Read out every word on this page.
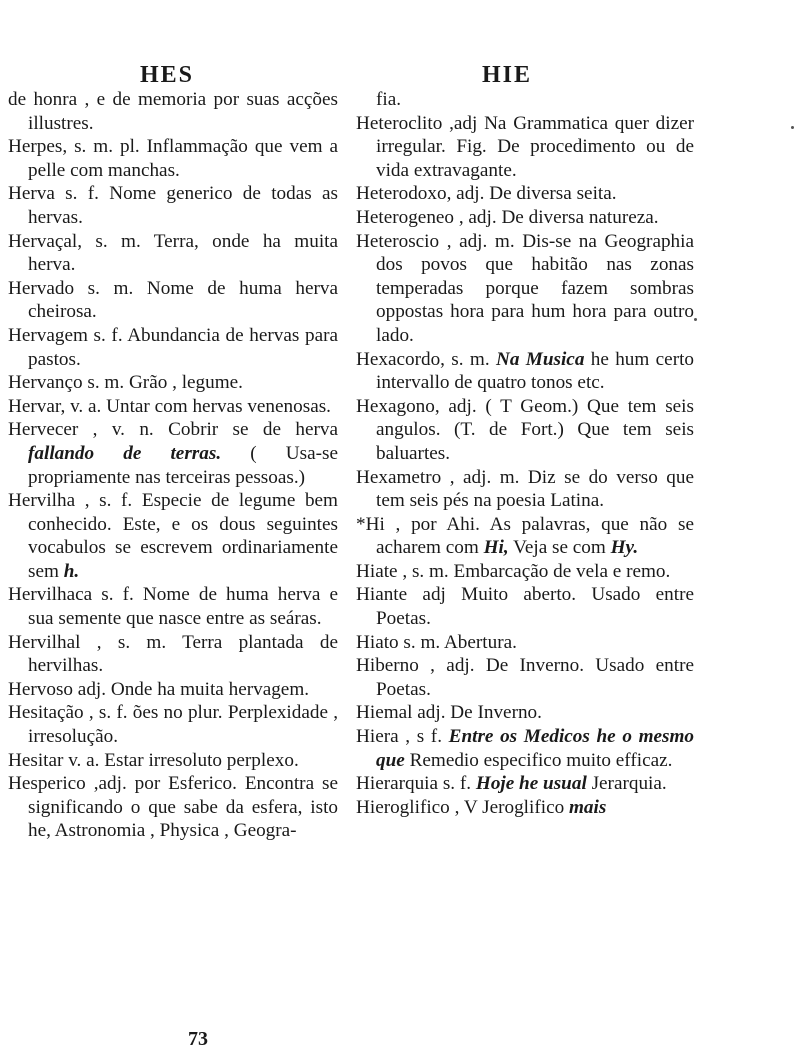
HES	HIE

de honra , e de memoria por suas acções illustres.

Herpes, s. m. pl. Inflammação que vem a pelle com manchas.

Herva s. f. Nome generico de todas as hervas.

Hervaçal, s. m. Terra, onde ha muita herva.

Hervado s. m. Nome de huma herva cheirosa.

Hervagem s. f. Abundancia de hervas para pastos.

Hervanço s. m. Grão , legume.

Hervar, v. a. Untar com hervas venenosas.

Hervecer , v. n. Cobrir se de herva fallando de terras. ( Usa-se propriamente nas terceiras pessoas.)

Hervilha , s. f. Especie de legume bem conhecido. Este, e os dous seguintes vocabulos se escrevem ordinariamente sem h.

Hervilhaca s. f. Nome de huma herva e sua semente que nasce entre as seáras.

Hervilhal , s. m. Terra plantada de hervilhas.

Hervoso adj. Onde ha muita hervagem.

Hesitação , s. f. ões no plur. Perplexidade , irresolução.

Hesitar v. a. Estar irresoluto perplexo.

Hesperico ,adj. por Esferico. Encontra se significando o que sabe da esfera, isto he, Astronomia , Physica , Geogra-

fia.

Heteroclito ,adj Na Grammatica quer dizer irregular. Fig. De procedimento ou de vida extravagante.

Heterodoxo, adj. De diversa seita.

Heterogeneo , adj. De diversa natureza.

Heteroscio , adj. m. Dis-se na Geographia dos povos que habitão nas zonas temperadas porque fazem sombras oppostas hora para hum hora para outro lado.

Hexacordo, s. m. Na Musica he hum certo intervallo de quatro tonos etc.

Hexagono, adj. ( T Geom.) Que tem seis angulos. (T. de Fort.) Que tem seis baluartes.

Hexametro , adj. m. Diz se do verso que tem seis pés na poesia Latina.

*Hi , por Ahi. As palavras, que não se acharem com Hi, Veja se com Hy.

Hiate , s. m. Embarcação de vela e remo.

Hiante adj Muito aberto. Usado entre Poetas.

Hiato s. m. Abertura.

Hiberno , adj. De Inverno. Usado entre Poetas.

Hiemal adj. De Inverno.

Hiera , s f. Entre os Medicos he o mesmo que Remedio especifico muito efficaz.

Hierarquia s. f. Hoje he usual Jerarquia.

Hieroglifico , V Jeroglifico mais

73
